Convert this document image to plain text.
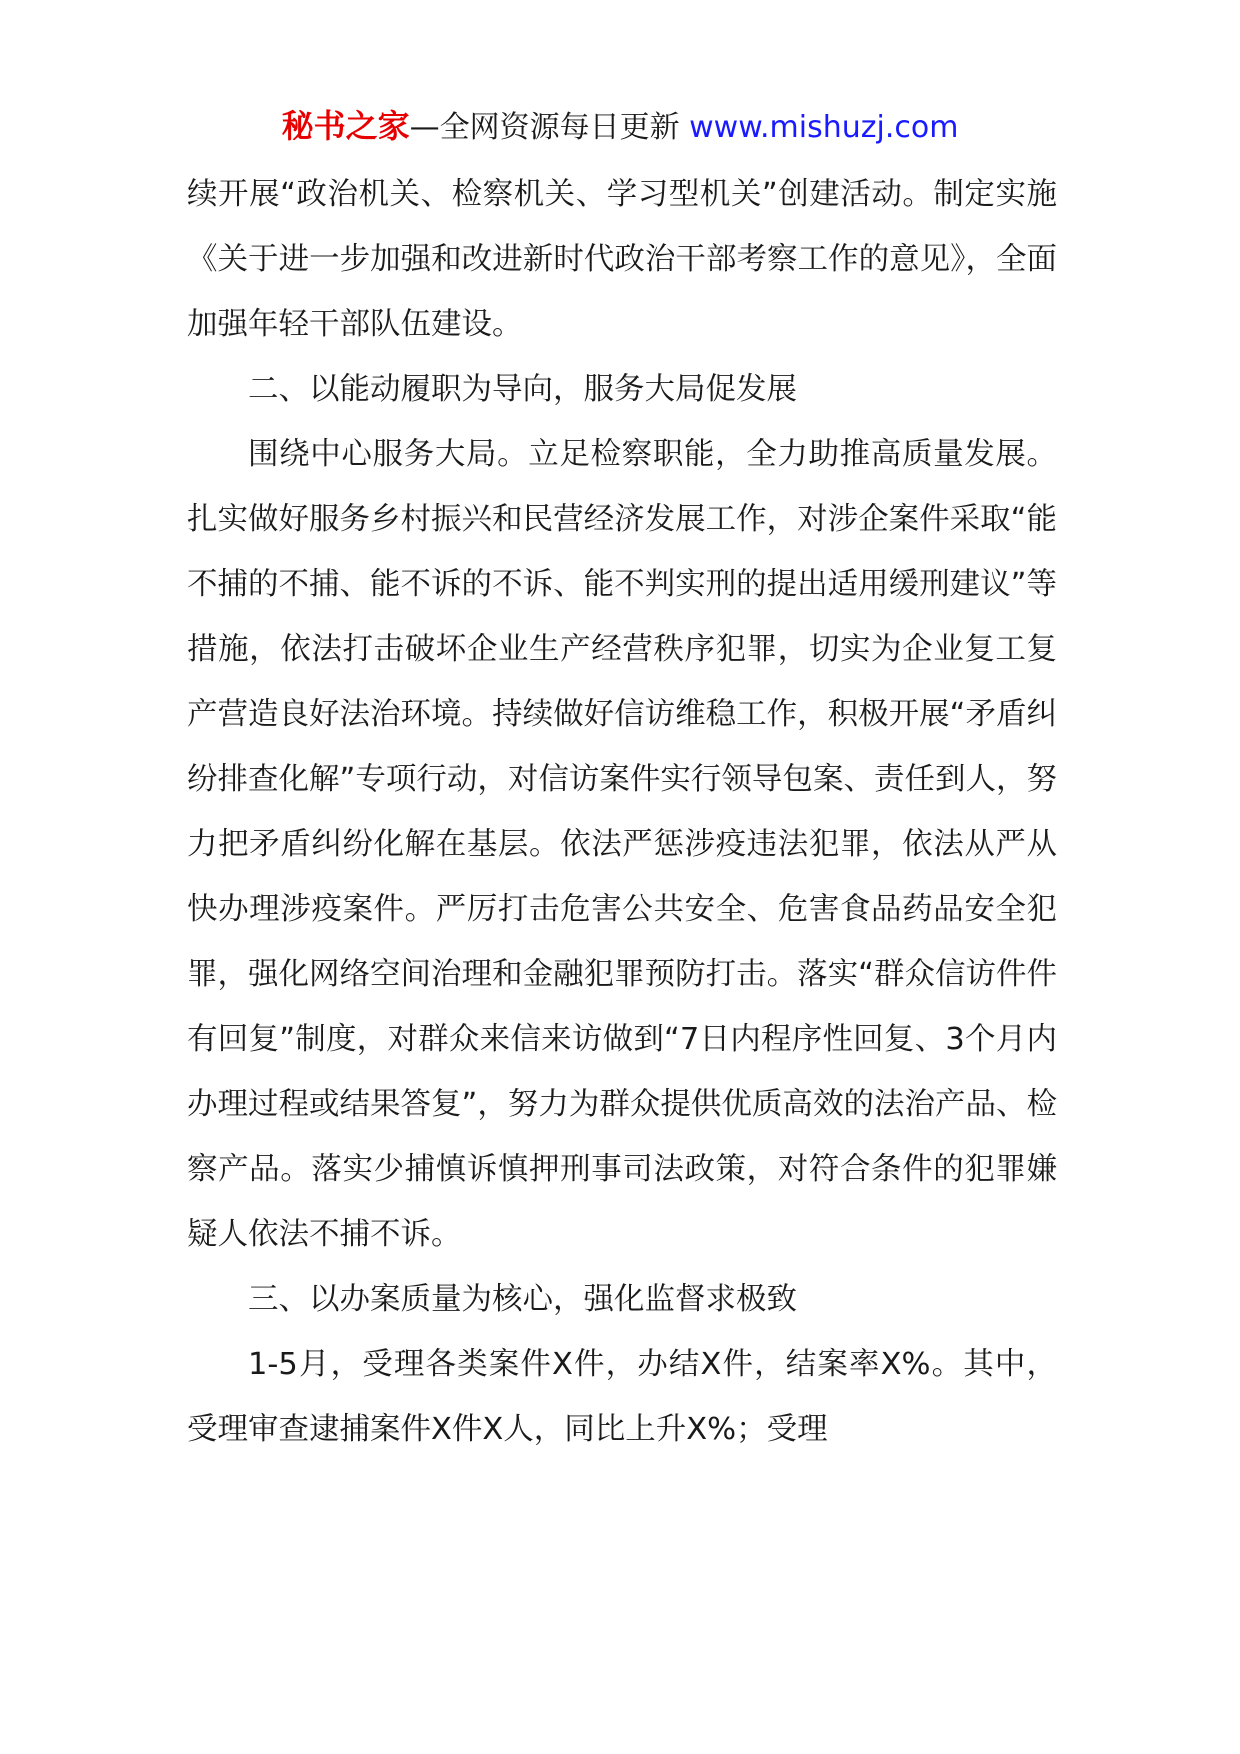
秘书之家—全网资源每日更新 www.mishuzj.com

续开展“政治机关、检察机关、学习型机关”创建活动。制定实施《关于进一步加强和改进新时代政治干部考察工作的意见》，全面加强年轻干部队伍建设。

二、以能动履职为导向，服务大局促发展

围绕中心服务大局。立足检察职能，全力助推高质量发展。扎实做好服务乡村振兴和民营经济发展工作，对涉企案件采取“能不捕的不捕、能不诉的不诉、能不判实刑的提出适用缓刑建议”等措施，依法打击破坏企业生产经营秩序犯罪，切实为企业复工复产营造良好法治环境。持续做好信访维稳工作，积极开展“矛盾纠纷排查化解”专项行动，对信访案件实行领导包案、责任到人，努力把矛盾纠纷化解在基层。依法严惩涉疫违法犯罪，依法从严从快办理涉疫案件。严厉打击危害公共安全、危害食品药品安全犯罪，强化网络空间治理和金融犯罪预防打击。落实“群众信访件件有回复”制度，对群众来信来访做到“7日内程序性回复、3个月内办理过程或结果答复”，努力为群众提供优质高效的法治产品、检察产品。落实少捕慎诉慎押刑事司法政策，对符合条件的犯罪嫌疑人依法不捕不诉。

三、以办案质量为核心，强化监督求极致

1-5月，受理各类案件X件，办结X件，结案率X%。其中，受理审查逮捕案件X件X人，同比上升X%；受理
